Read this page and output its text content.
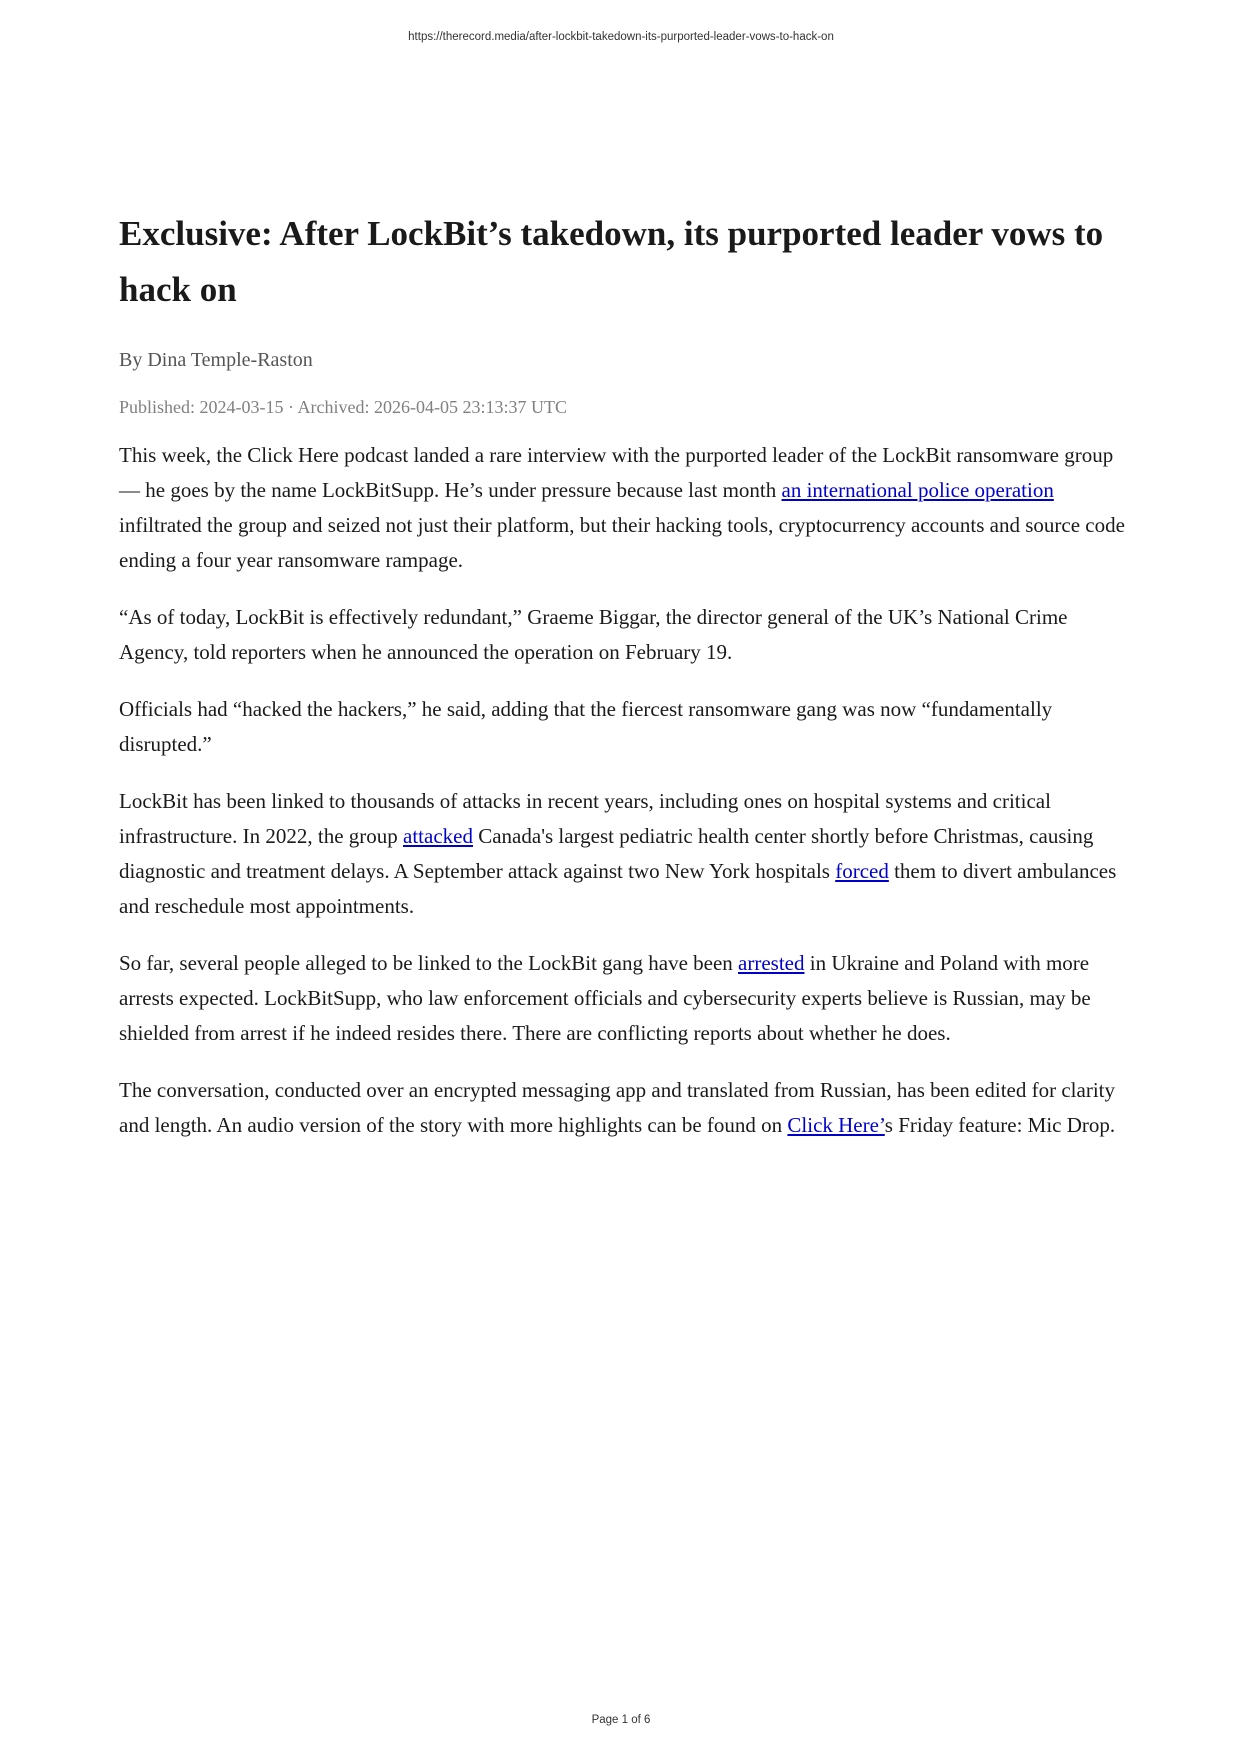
https://therecord.media/after-lockbit-takedown-its-purported-leader-vows-to-hack-on
Exclusive: After LockBit’s takedown, its purported leader vows to hack on
By Dina Temple-Raston
Published: 2024-03-15 · Archived: 2026-04-05 23:13:37 UTC

This week, the Click Here podcast landed a rare interview with the purported leader of the LockBit ransomware group — he goes by the name LockBitSupp. He’s under pressure because last month an international police operation infiltrated the group and seized not just their platform, but their hacking tools, cryptocurrency accounts and source code ending a four year ransomware rampage.

“As of today, LockBit is effectively redundant,” Graeme Biggar, the director general of the UK’s National Crime Agency, told reporters when he announced the operation on February 19.

Officials had “hacked the hackers,” he said, adding that the fiercest ransomware gang was now “fundamentally disrupted.”

LockBit has been linked to thousands of attacks in recent years, including ones on hospital systems and critical infrastructure. In 2022, the group attacked Canada's largest pediatric health center shortly before Christmas, causing diagnostic and treatment delays. A September attack against two New York hospitals forced them to divert ambulances and reschedule most appointments.

So far, several people alleged to be linked to the LockBit gang have been arrested in Ukraine and Poland with more arrests expected. LockBitSupp, who law enforcement officials and cybersecurity experts believe is Russian, may be shielded from arrest if he indeed resides there. There are conflicting reports about whether he does.

The conversation, conducted over an encrypted messaging app and translated from Russian, has been edited for clarity and length. An audio version of the story with more highlights can be found on Click Here’s Friday feature: Mic Drop.

Page 1 of 6
